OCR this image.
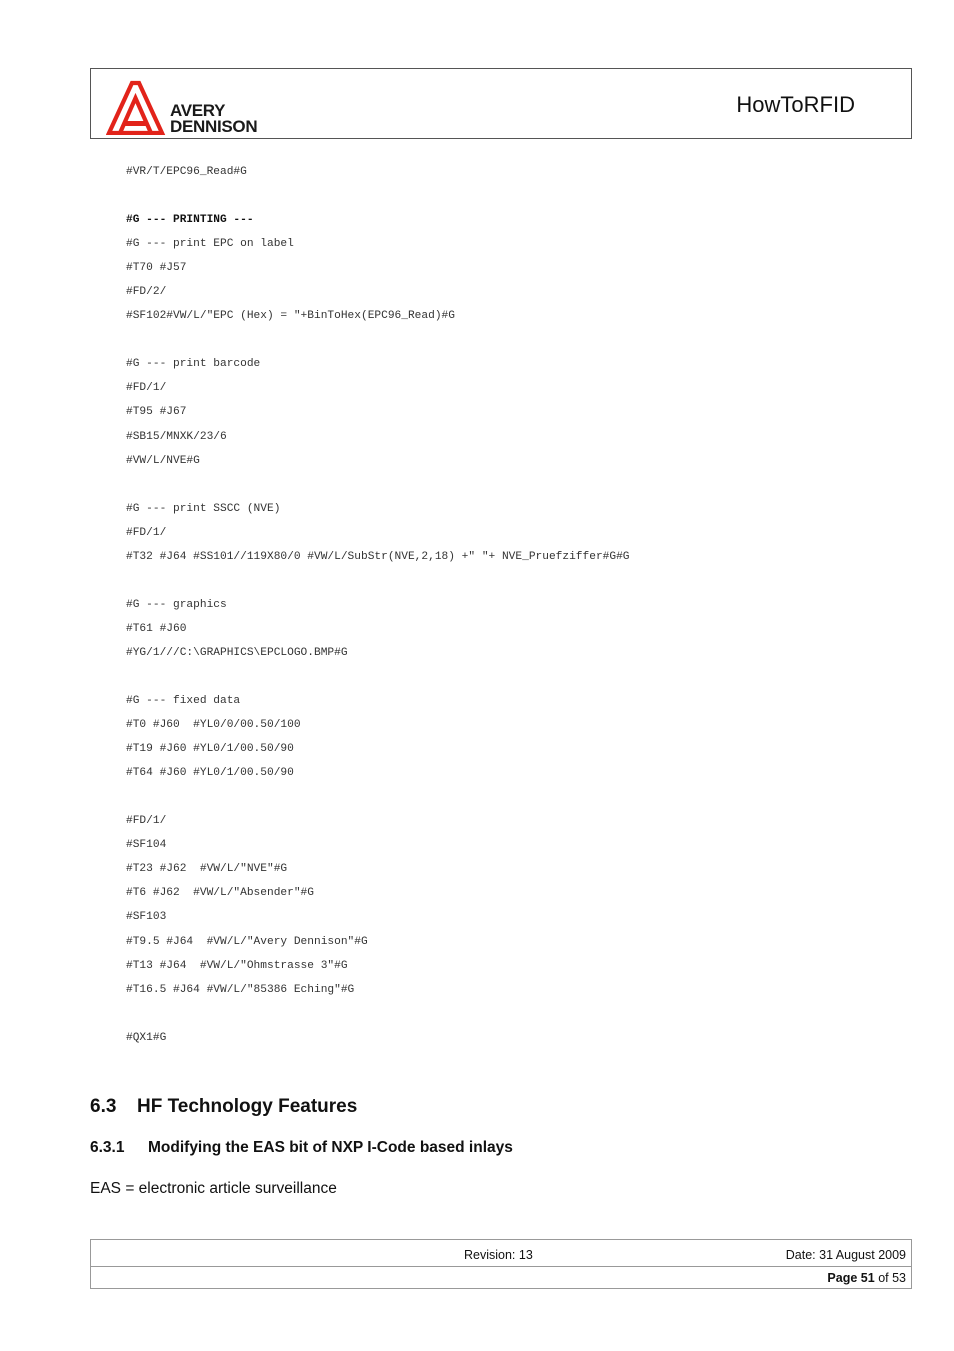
AVERY
DENNISON
HowToRFID
#VR/T/EPC96_Read#G
#G --- PRINTING ---
#G --- print EPC on label
#T70 #J57
#FD/2/
#SF102#VW/L/"EPC (Hex) = "+BinToHex(EPC96_Read)#G
#G --- print barcode
#FD/1/
#T95 #J67
#SB15/MNXK/23/6
#VW/L/NVE#G
#G --- print SSCC (NVE)
#FD/1/
#T32 #J64 #SS101//119X80/0 #VW/L/SubStr(NVE,2,18) +" "+ NVE_Pruefziffer#G#G
#G --- graphics
#T61 #J60
#YG/1///C:\GRAPHICS\EPCLOGO.BMP#G
#G --- fixed data
#T0 #J60  #YL0/0/00.50/100
#T19 #J60 #YL0/1/00.50/90
#T64 #J60 #YL0/1/00.50/90
#FD/1/
#SF104
#T23 #J62  #VW/L/"NVE"#G
#T6 #J62  #VW/L/"Absender"#G
#SF103
#T9.5 #J64  #VW/L/"Avery Dennison"#G
#T13 #J64  #VW/L/"Ohmstrasse 3"#G
#T16.5 #J64 #VW/L/"85386 Eching"#G
#QX1#G
6.3 HF Technology Features
6.3.1 Modifying the EAS bit of NXP I-Code based inlays
EAS = electronic article surveillance
Revision: 13	Date: 31 August 2009
Page 51 of 53
